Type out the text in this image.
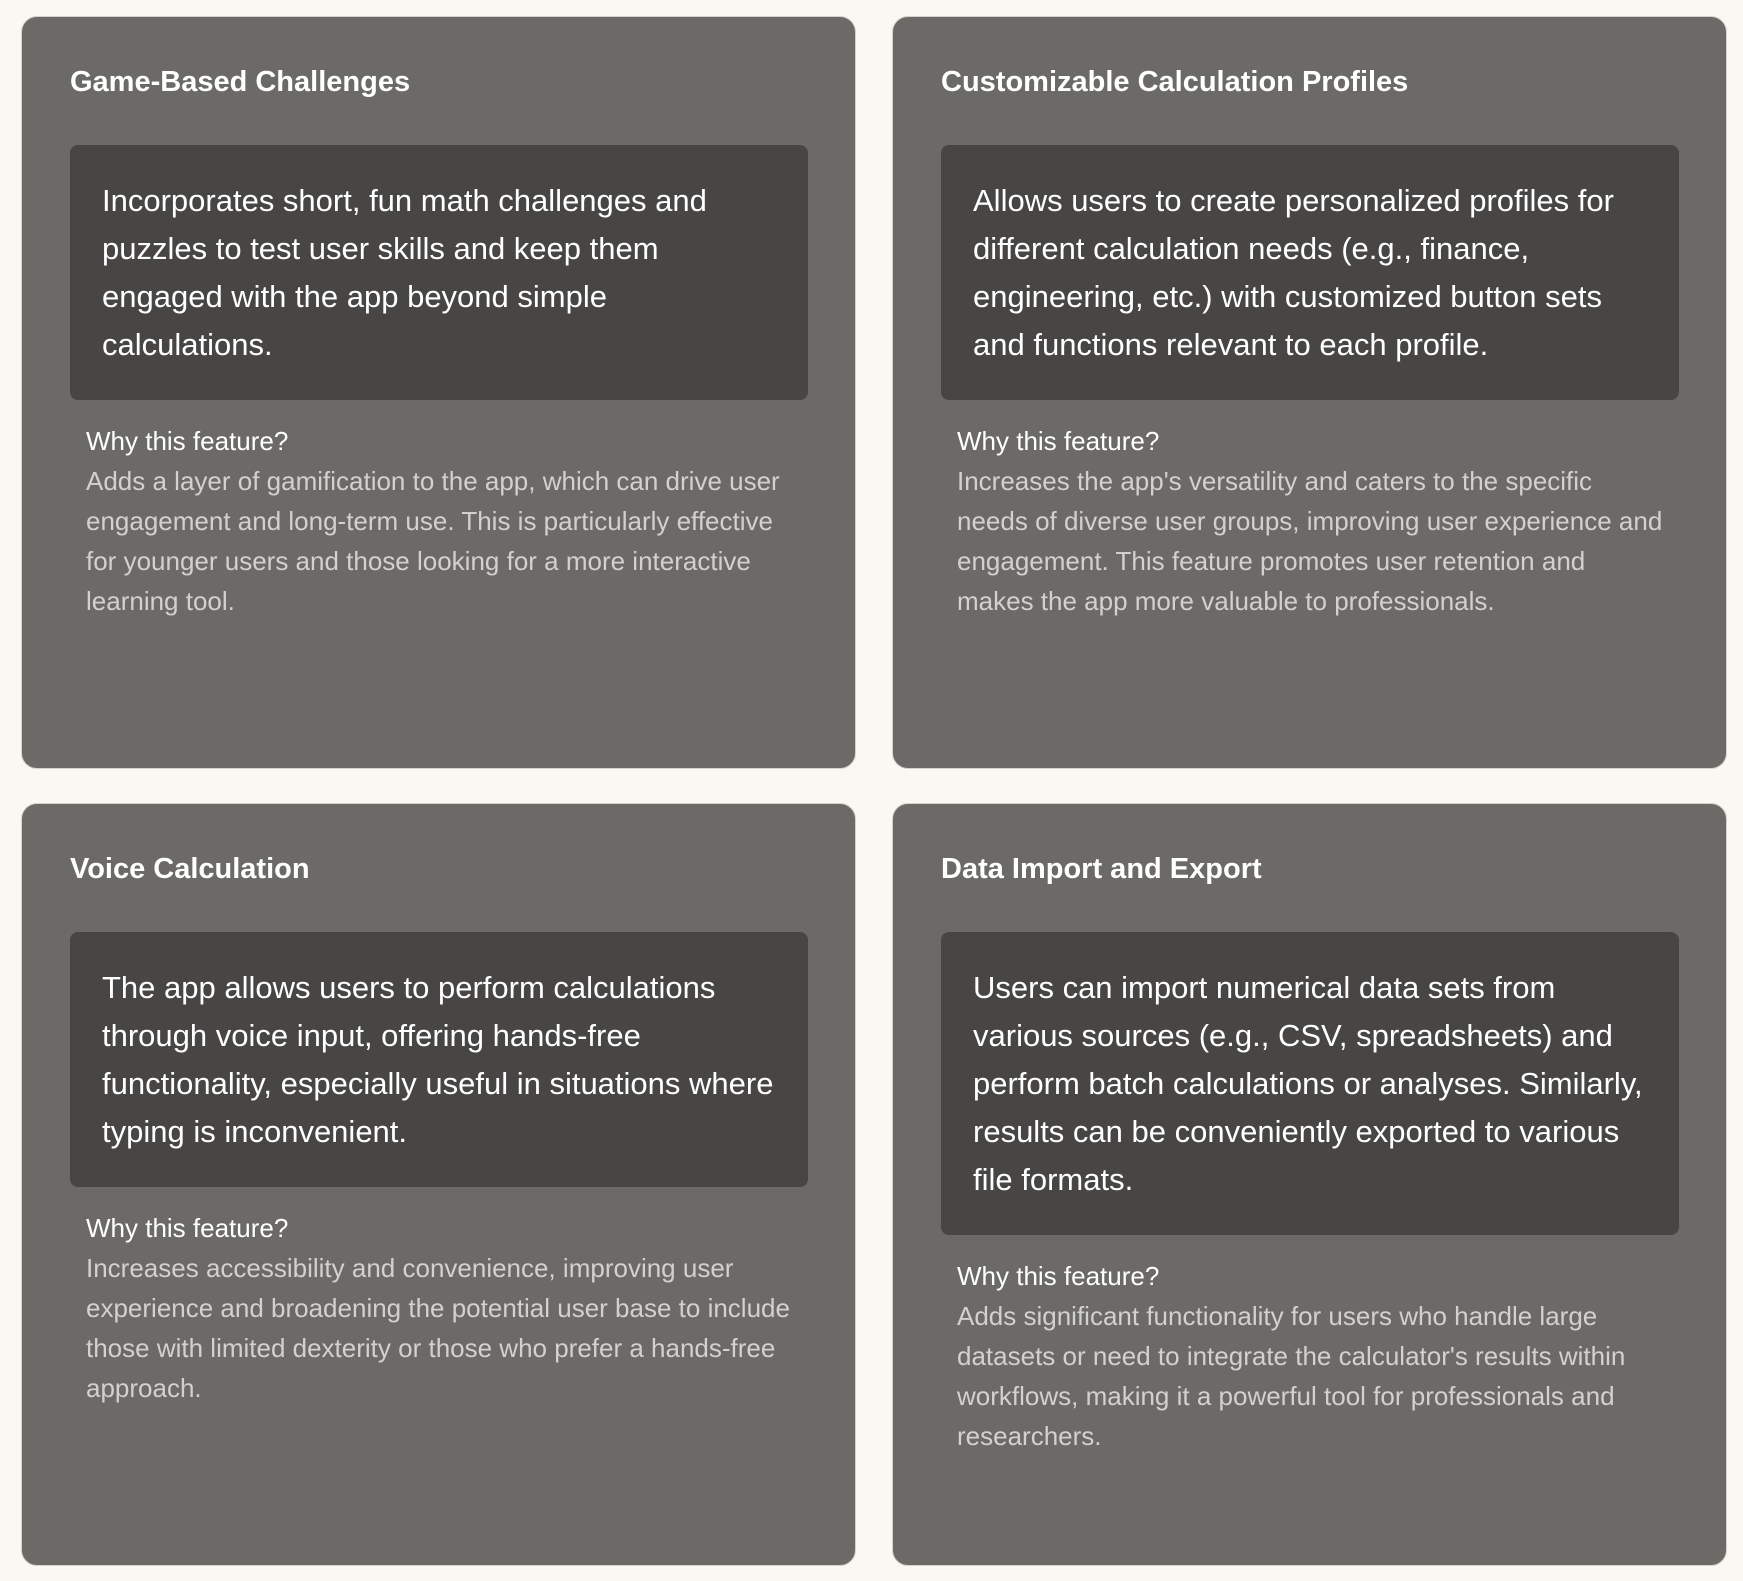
Game-Based Challenges
Incorporates short, fun math challenges and puzzles to test user skills and keep them engaged with the app beyond simple calculations.
Why this feature?
Adds a layer of gamification to the app, which can drive user engagement and long-term use. This is particularly effective for younger users and those looking for a more interactive learning tool.
Customizable Calculation Profiles
Allows users to create personalized profiles for different calculation needs (e.g., finance, engineering, etc.) with customized button sets and functions relevant to each profile.
Why this feature?
Increases the app's versatility and caters to the specific needs of diverse user groups, improving user experience and engagement. This feature promotes user retention and makes the app more valuable to professionals.
Voice Calculation
The app allows users to perform calculations through voice input, offering hands-free functionality, especially useful in situations where typing is inconvenient.
Why this feature?
Increases accessibility and convenience, improving user experience and broadening the potential user base to include those with limited dexterity or those who prefer a hands-free approach.
Data Import and Export
Users can import numerical data sets from various sources (e.g., CSV, spreadsheets) and perform batch calculations or analyses. Similarly, results can be conveniently exported to various file formats.
Why this feature?
Adds significant functionality for users who handle large datasets or need to integrate the calculator's results within workflows, making it a powerful tool for professionals and researchers.
